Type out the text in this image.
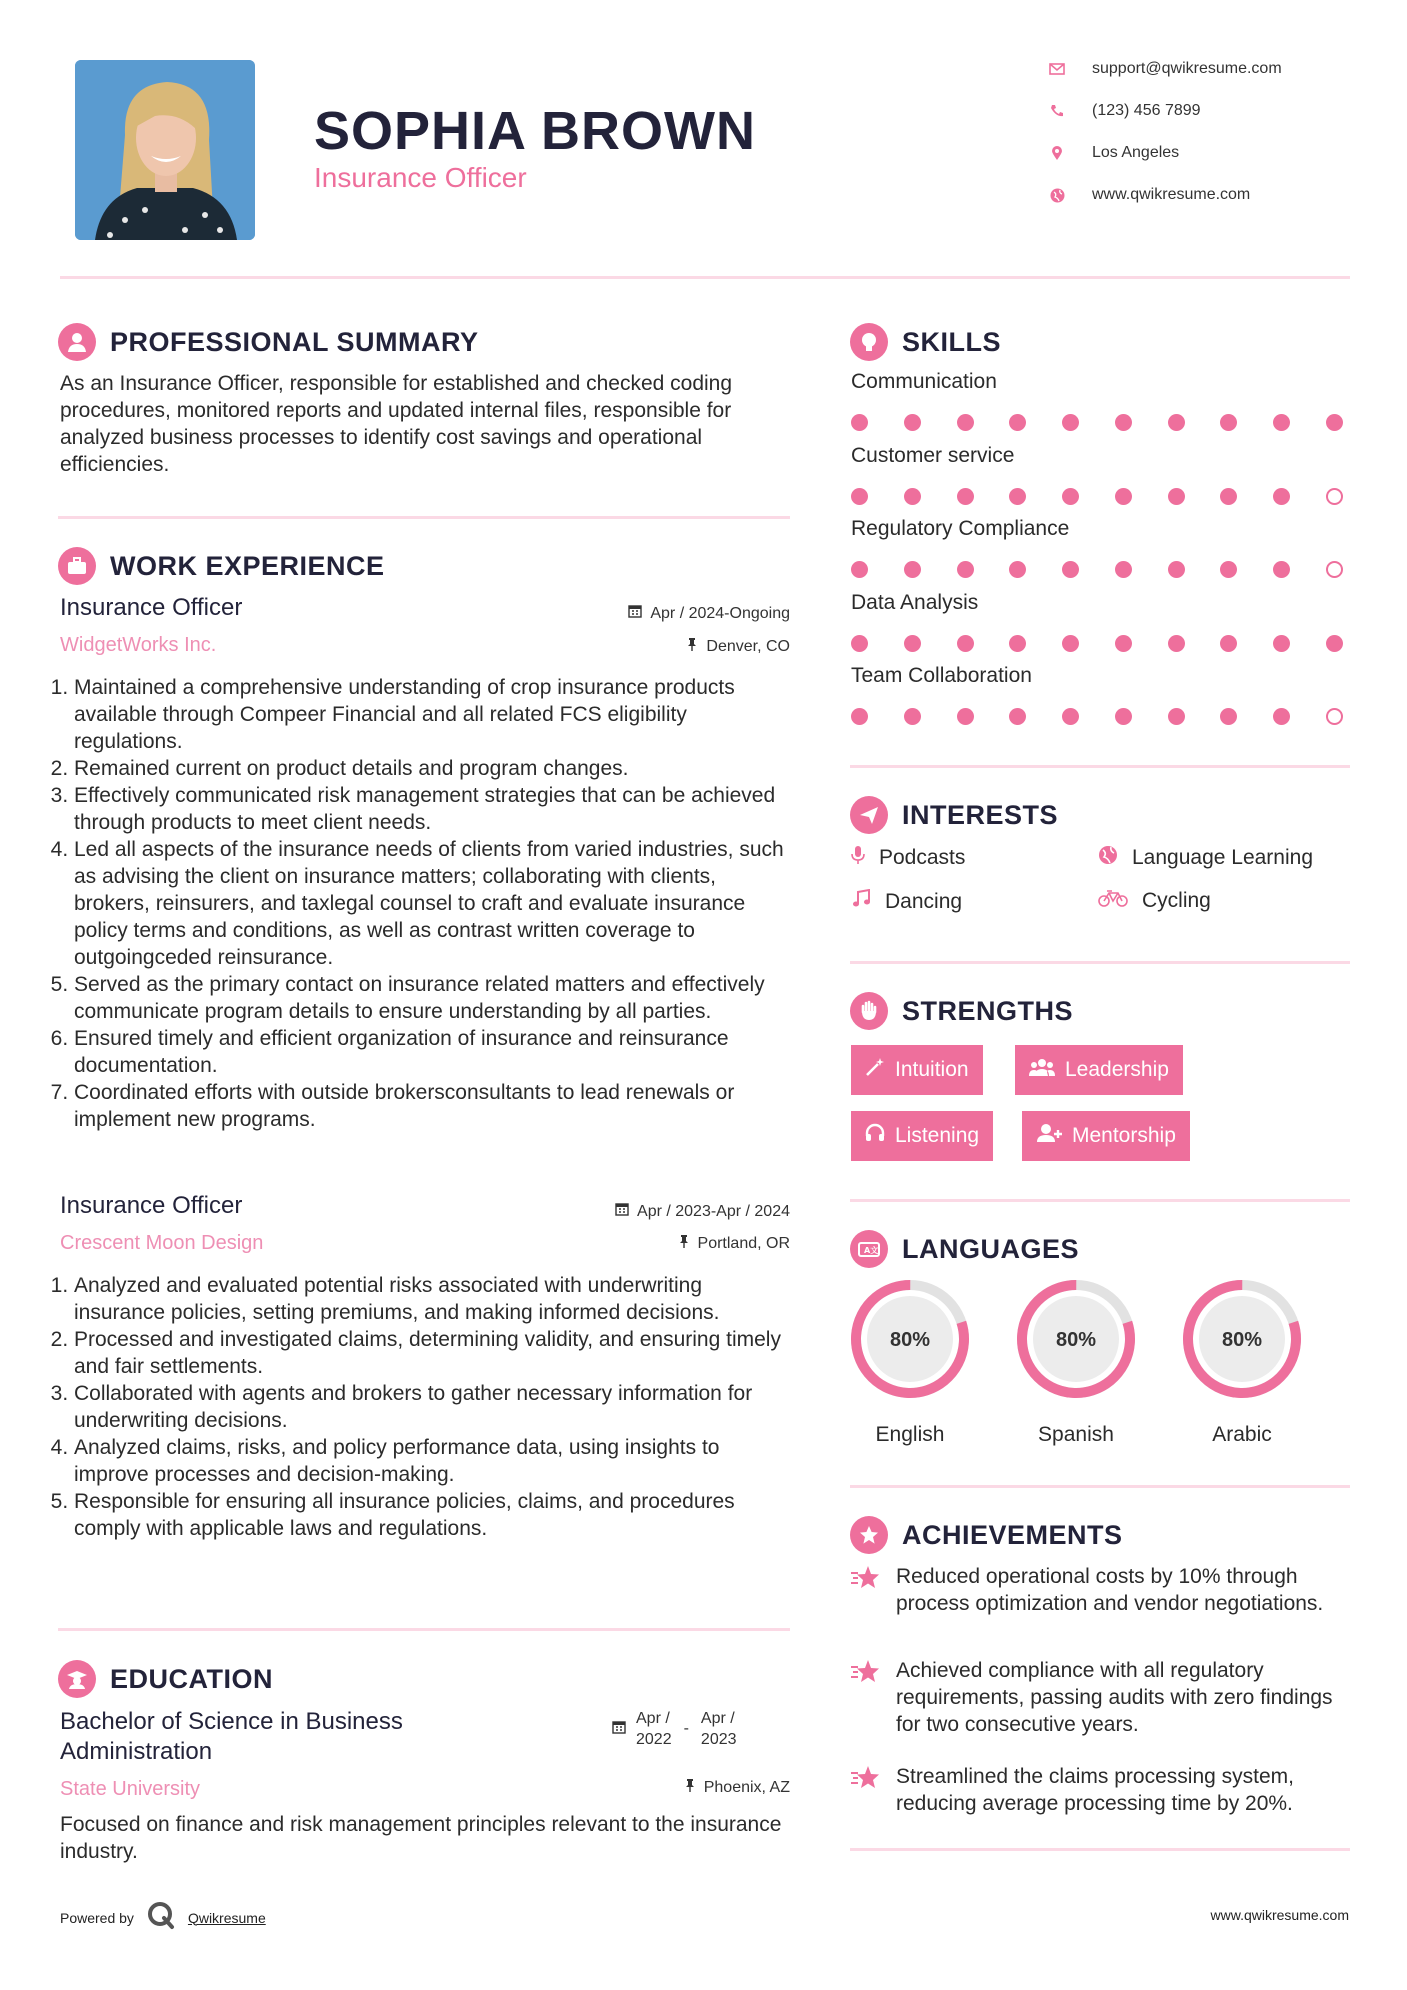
SOPHIA BROWN
Insurance Officer
support@qwikresume.com
(123) 456 7899
Los Angeles
www.qwikresume.com
PROFESSIONAL SUMMARY

As an Insurance Officer, responsible for established and checked coding procedures, monitored reports and updated internal files, responsible for analyzed business processes to identify cost savings and operational efficiencies.

WORK EXPERIENCE
Insurance Officer
WidgetWorks Inc.
Apr / 2024-Ongoing
Denver, CO
1. Maintained a comprehensive understanding of crop insurance products available through Compeer Financial and all related FCS eligibility regulations.
2. Remained current on product details and program changes.
3. Effectively communicated risk management strategies that can be achieved through products to meet client needs.
4. Led all aspects of the insurance needs of clients from varied industries, such as advising the client on insurance matters; collaborating with clients, brokers, reinsurers, and taxlegal counsel to craft and evaluate insurance policy terms and conditions, as well as contrast written coverage to outgoingceded reinsurance.
5. Served as the primary contact on insurance related matters and effectively communicate program details to ensure understanding by all parties.
6. Ensured timely and efficient organization of insurance and reinsurance documentation.
7. Coordinated efforts with outside brokersconsultants to lead renewals or implement new programs.
Insurance Officer
Crescent Moon Design
Apr / 2023-Apr / 2024
Portland, OR
1. Analyzed and evaluated potential risks associated with underwriting insurance policies, setting premiums, and making informed decisions.
2. Processed and investigated claims, determining validity, and ensuring timely and fair settlements.
3. Collaborated with agents and brokers to gather necessary information for underwriting decisions.
4. Analyzed claims, risks, and policy performance data, using insights to improve processes and decision-making.
5. Responsible for ensuring all insurance policies, claims, and procedures comply with applicable laws and regulations.
EDUCATION
Bachelor of Science in Business
Administration
State University
Apr /
2022
-
Apr /
2023
Phoenix, AZ

Focused on finance and risk management principles relevant to the insurance industry.

SKILLS
Communication
Customer service
Regulatory Compliance
Data Analysis
Team Collaboration
INTERESTS
Podcasts	Language Learning
Dancing	Cycling
STRENGTHS
Intuition	Leadership
Listening	Mentorship
A文 LANGUAGES
80%
English
80%
Spanish
80%
Arabic
ACHIEVEMENTS
Reduced operational costs by 10% through process optimization and vendor negotiations.
Achieved compliance with all regulatory requirements, passing audits with zero findings for two consecutive years.
Streamlined the claims processing system, reducing average processing time by 20%.
Powered by	Qwikresume	www.qwikresume.com
